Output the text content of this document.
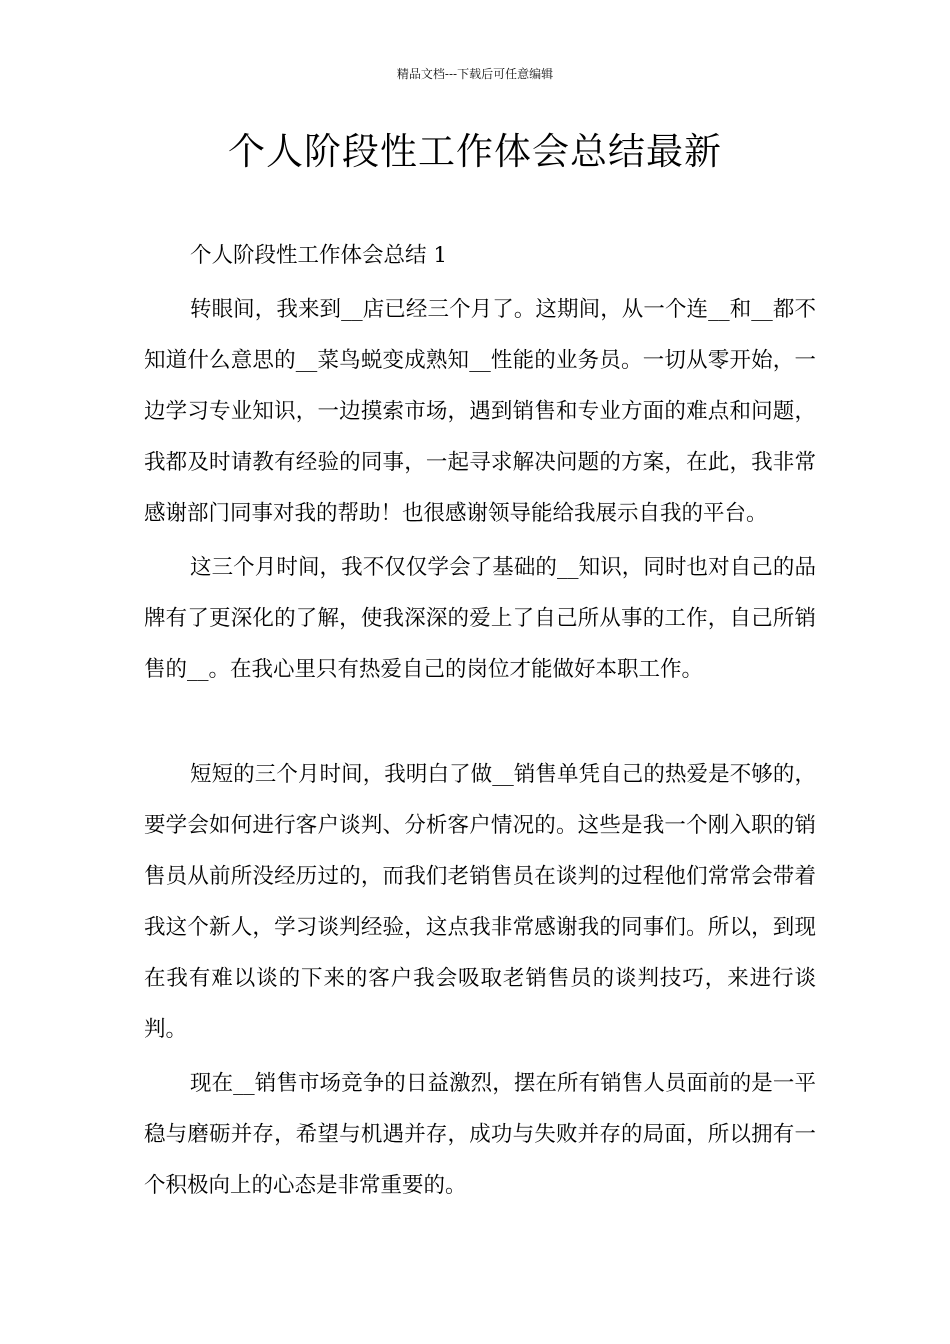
精品文档---下载后可任意编辑
个人阶段性工作体会总结最新

个人阶段性工作体会总结 1

转眼间，我来到__店已经三个月了。这期间，从一个连__和__都不知道什么意思的__菜鸟蜕变成熟知__性能的业务员。一切从零开始，一边学习专业知识，一边摸索市场，遇到销售和专业方面的难点和问题，我都及时请教有经验的同事，一起寻求解决问题的方案，在此，我非常感谢部门同事对我的帮助！也很感谢领导能给我展示自我的平台。

这三个月时间，我不仅仅学会了基础的__知识，同时也对自己的品牌有了更深化的了解，使我深深的爱上了自己所从事的工作，自己所销售的__。在我心里只有热爱自己的岗位才能做好本职工作。

短短的三个月时间，我明白了做__销售单凭自己的热爱是不够的，要学会如何进行客户谈判、分析客户情况的。这些是我一个刚入职的销售员从前所没经历过的，而我们老销售员在谈判的过程他们常常会带着我这个新人，学习谈判经验，这点我非常感谢我的同事们。所以，到现在我有难以谈的下来的客户我会吸取老销售员的谈判技巧，来进行谈判。

现在__销售市场竞争的日益激烈，摆在所有销售人员面前的是一平稳与磨砺并存，希望与机遇并存，成功与失败并存的局面，所以拥有一个积极向上的心态是非常重要的。
